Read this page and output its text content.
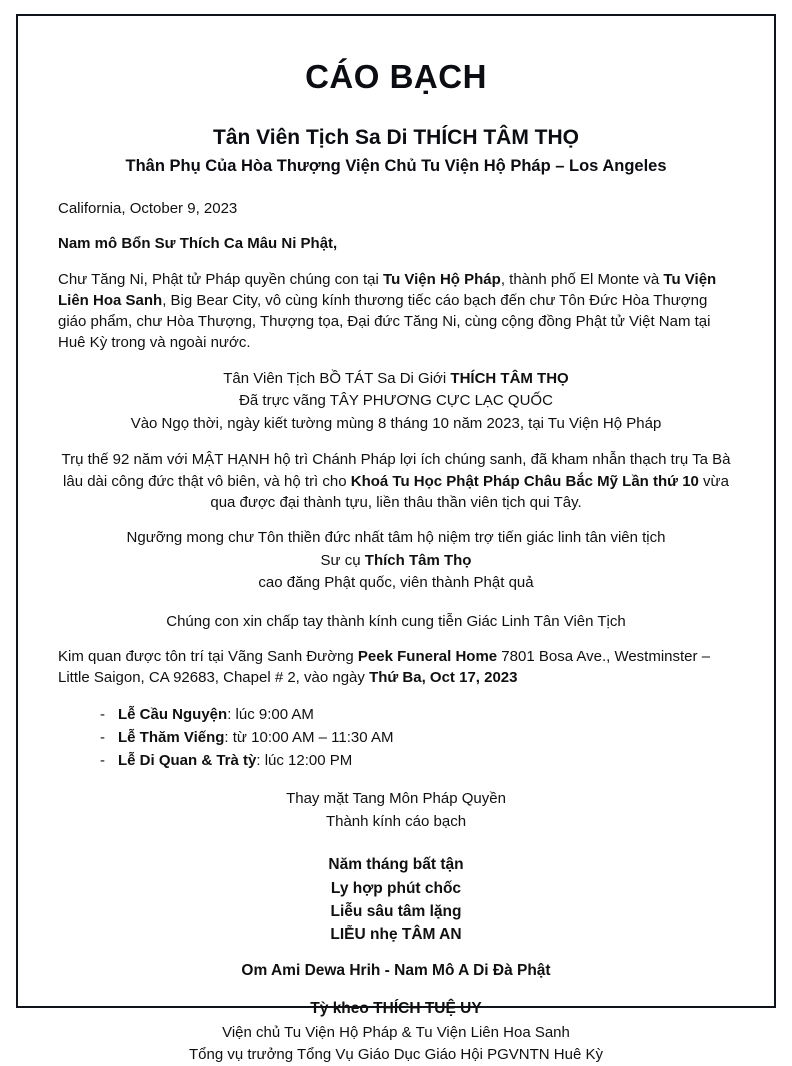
CÁO BẠCH
Tân Viên Tịch Sa Di THÍCH TÂM THỌ
Thân Phụ Của Hòa Thượng Viện Chủ Tu Viện Hộ Pháp – Los Angeles
California, October 9, 2023
Nam mô Bổn Sư Thích Ca Mâu Ni Phật,

Chư Tăng Ni, Phật tử Pháp quyền chúng con tại Tu Viện Hộ Pháp, thành phố El Monte và Tu Viện Liên Hoa Sanh, Big Bear City, vô cùng kính thương tiếc cáo bạch đến chư Tôn Đức Hòa Thượng giáo phẩm, chư Hòa Thượng, Thượng tọa, Đại đức Tăng Ni, cùng cộng đồng Phật tử Việt Nam tại Huê Kỳ trong và ngoài nước.

Tân Viên Tịch BỒ TÁT Sa Di Giới THÍCH TÂM THỌ
Đã trực vãng TÂY PHƯƠNG CỰC LẠC QUỐC
Vào Ngọ thời, ngày kiết tường mùng 8 tháng 10 năm 2023, tại Tu Viện Hộ Pháp

Trụ thế 92 năm với MẬT HẠNH hộ trì Chánh Pháp lợi ích chúng sanh, đã kham nhẫn thạch trụ Ta Bà lâu dài công đức thật vô biên, và hộ trì cho Khoá Tu Học Phật Pháp Châu Bắc Mỹ Lần thứ 10 vừa qua được đại thành tựu, liền thâu thần viên tịch qui Tây.

Ngưỡng mong chư Tôn thiền đức nhất tâm hộ niệm trợ tiến giác linh tân viên tịch
Sư cụ Thích Tâm Thọ
cao đăng Phật quốc, viên thành Phật quả
Chúng con xin chấp tay thành kính cung tiễn Giác Linh Tân Viên Tịch

Kim quan được tôn trí tại Vãng Sanh Đường Peek Funeral Home 7801 Bosa Ave., Westminster – Little Saigon, CA 92683, Chapel # 2, vào ngày Thứ Ba, Oct 17, 2023

- Lễ Cầu Nguyện: lúc 9:00 AM
- Lễ Thăm Viếng: từ 10:00 AM – 11:30 AM
- Lễ Di Quan & Trà tỳ: lúc 12:00 PM
Thay mặt Tang Môn Pháp Quyền
Thành kính cáo bạch
Năm tháng bất tận
Ly hợp phút chốc
Liễu sâu tâm lặng
LIỄU nhẹ TÂM AN
Om Ami Dewa Hrih - Nam Mô A Di Đà Phật
Tỳ kheo THÍCH TUỆ UY
Viện chủ Tu Viện Hộ Pháp & Tu Viện Liên Hoa Sanh
Tổng vụ trưởng Tổng Vụ Giáo Dục Giáo Hội PGVNTN Huê Kỳ
